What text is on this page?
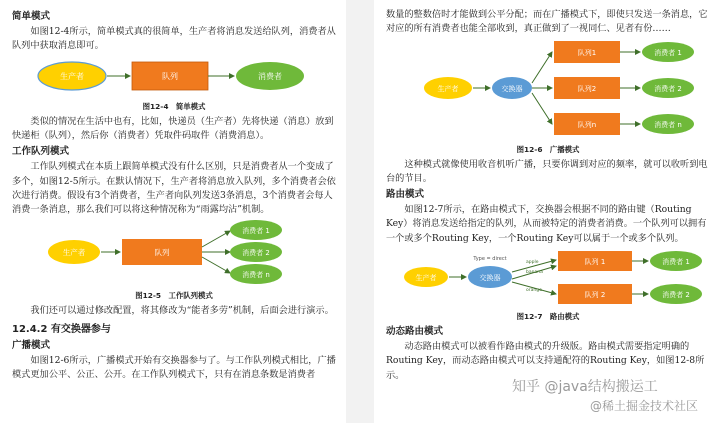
简单模式

如图12-4所示，简单模式真的很简单，生产者将消息发送给队列，消费者从队列中获取消息即可。

生产者	队列	消费者
图12-4　简单模式

类似的情况在生活中也有，比如，快递员（生产者）先将快递（消息）放到快递柜（队列），然后你（消费者）凭取件码取件（消费消息）。

工作队列模式

工作队列模式在本质上跟简单模式没有什么区别，只是消费者从一个变成了多个，如图12-5所示。在默认情况下，生产者将消息放入队列，多个消费者会依次进行消费。假设有3个消费者，生产者向队列发送3条消息，3个消费者会每人消费一条消息，那么我们可以将这种情况称为“雨露均沾”机制。

生产者	队列
消费者 1
消费者 2
消费者 n
图12-5　工作队列模式

我们还可以通过修改配置，将其修改为“能者多劳”机制，后面会进行演示。

12.4.2 有交换器参与
广播模式

如图12-6所示，广播模式开始有交换器参与了。与工作队列模式相比，广播模式更加公平、公正、公开。在工作队列模式下，只有在消息条数是消费者

数量的整数倍时才能做到公平分配；而在广播模式下，即使只发送一条消息，它对应的所有消费者也能全部收到，真正做到了一视同仁、见者有份……

生产者	交换器
队列1
队列2
队列n
消费者 1
消费者 2
消费者 n
图12-6　广播模式

这种模式就像使用收音机听广播，只要你调到对应的频率，就可以收听到电台的节目。

路由模式

如图12-7所示，在路由模式下，交换器会根据不同的路由键（Routing Key）将消息发送给指定的队列，从而被特定的消费者消费。一个队列可以拥有一个或多个Routing Key，一个Routing Key可以属于一个或多个队列。

生产者	交换器
Type = direct
apple
banana
orange
队列 1
队列 2
消费者 1
消费者 2
图12-7　路由模式
动态路由模式

动态路由模式可以被看作路由模式的升级版。路由模式需要指定明确的Routing Key，而动态路由模式可以支持通配符的Routing Key，如图12-8所示。

知乎 @java结构搬运工
@稀土掘金技术社区
